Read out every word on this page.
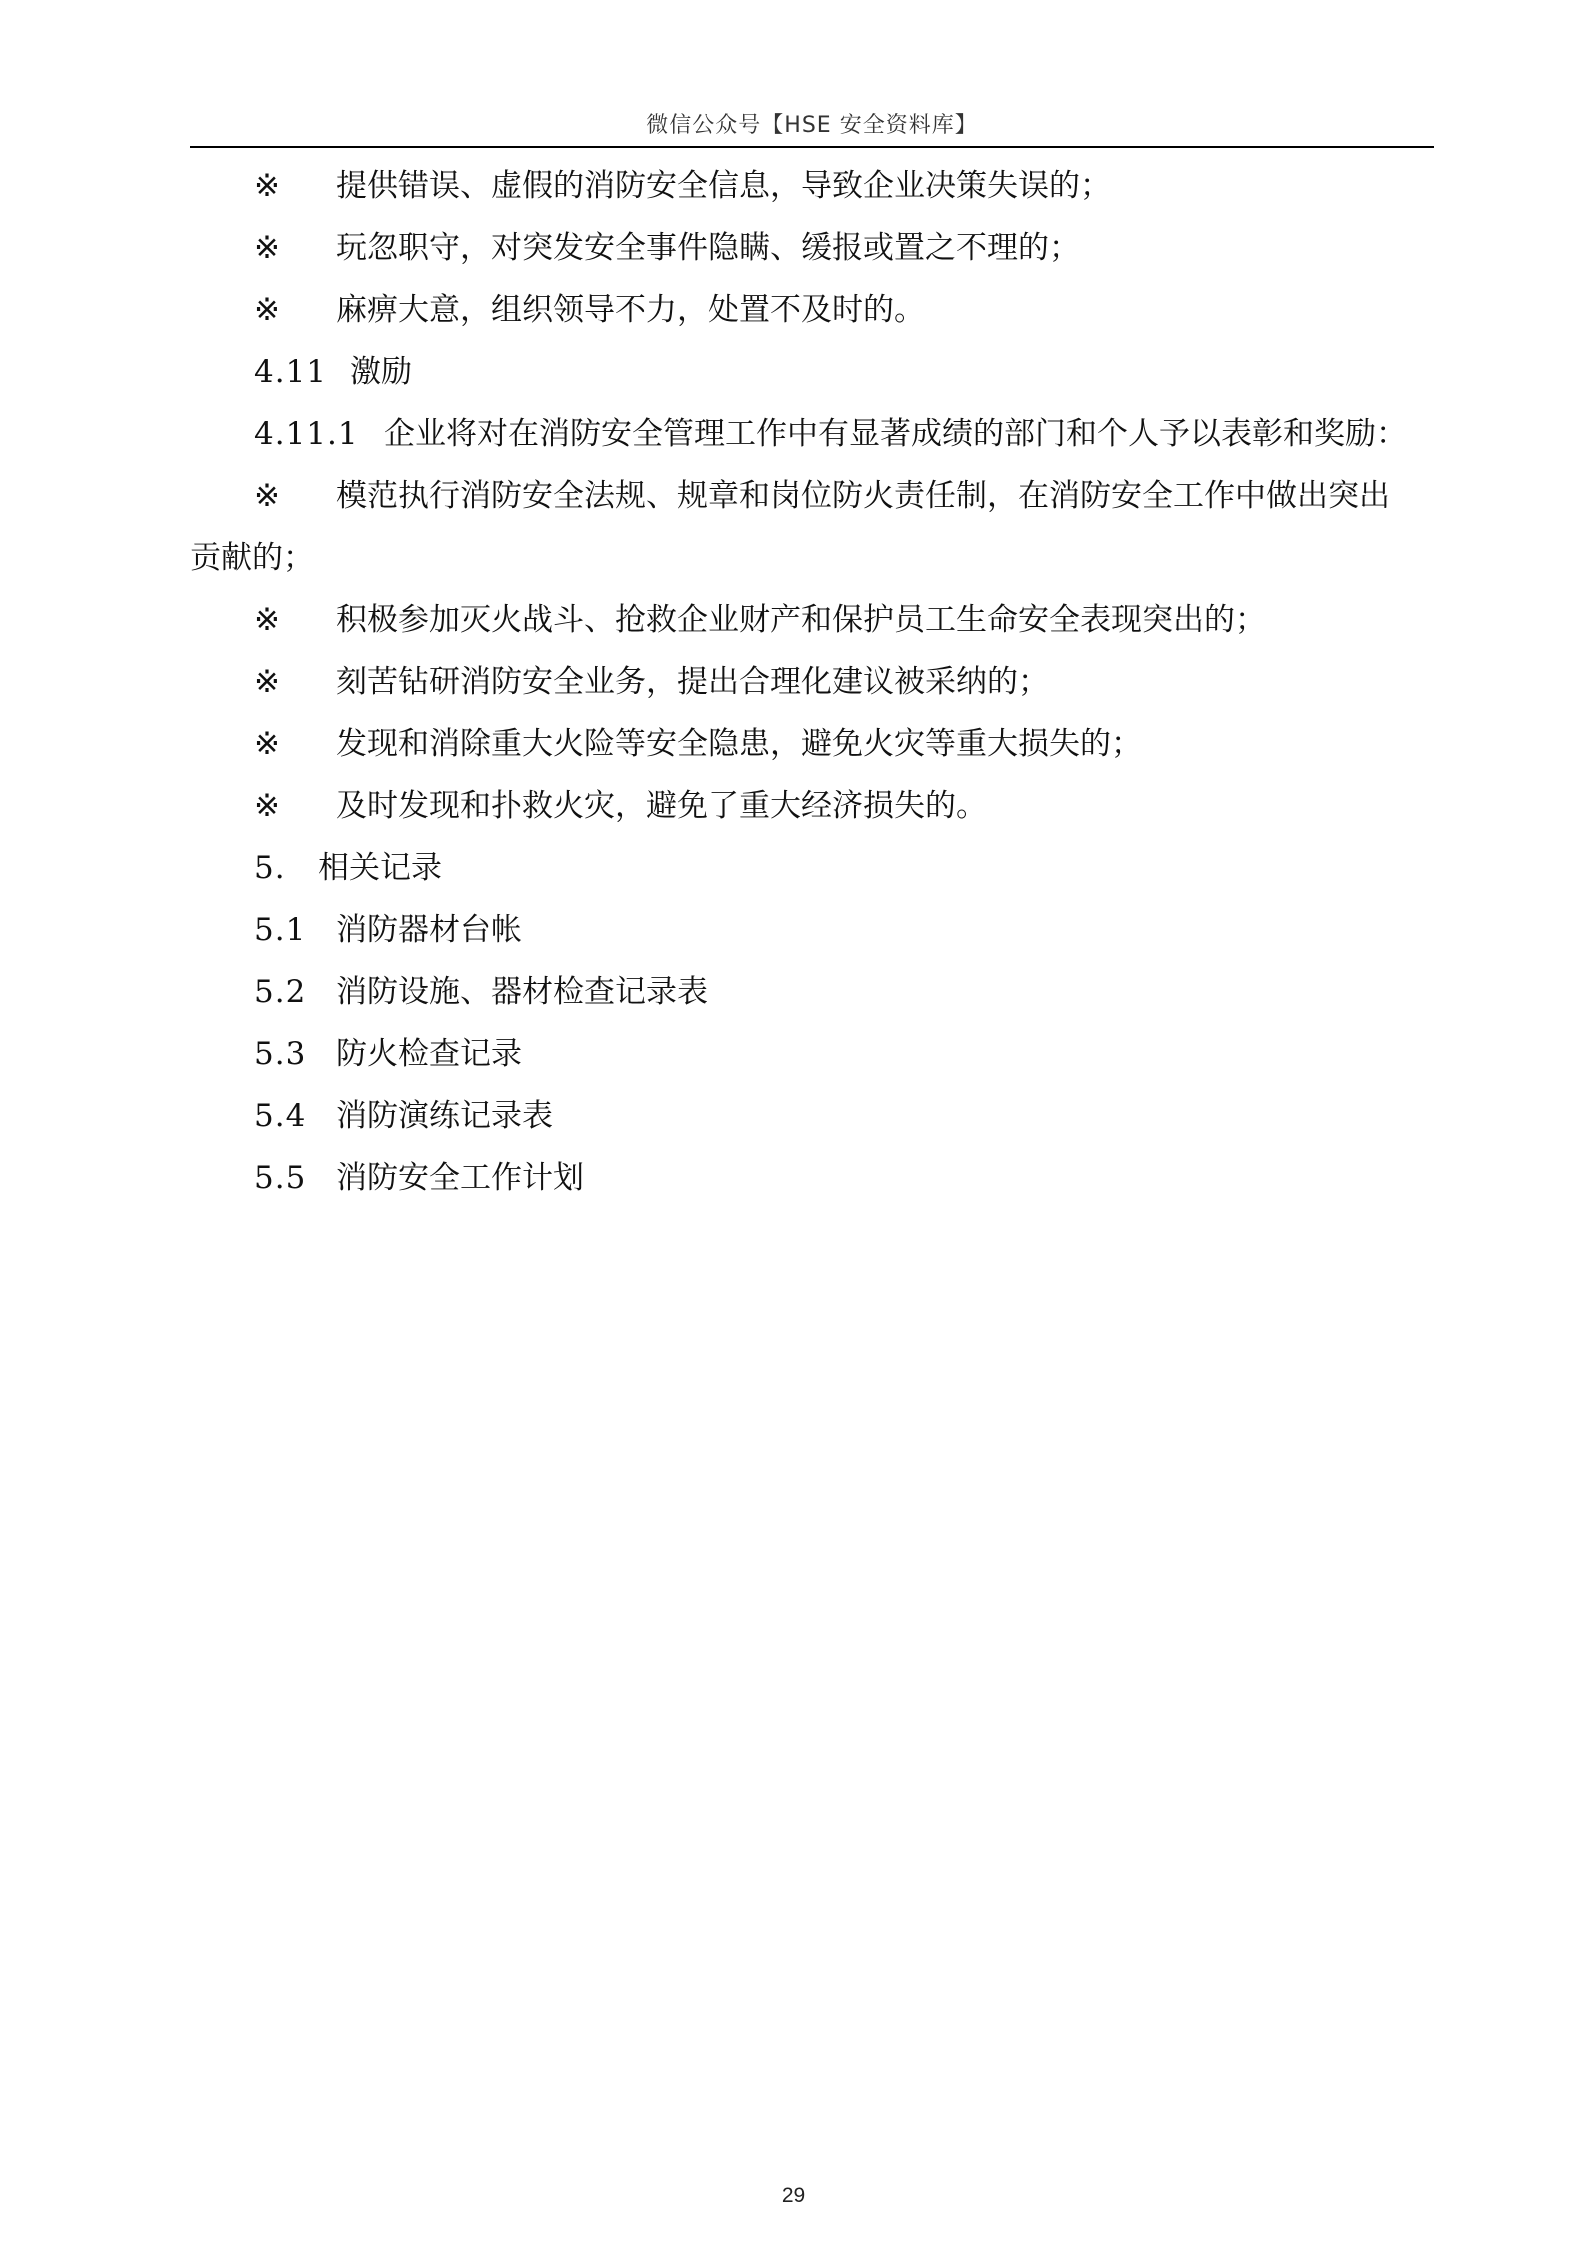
微信公众号【HSE 安全资料库】
※ 提供错误、虚假的消防安全信息，导致企业决策失误的；
※ 玩忽职守，对突发安全事件隐瞒、缓报或置之不理的；
※ 麻痹大意，组织领导不力，处置不及时的。
4.11 激励
4.11.1 企业将对在消防安全管理工作中有显著成绩的部门和个人予以表彰和奖励：
※ 模范执行消防安全法规、规章和岗位防火责任制，在消防安全工作中做出突出
贡献的；
※ 积极参加灭火战斗、抢救企业财产和保护员工生命安全表现突出的；
※ 刻苦钻研消防安全业务，提出合理化建议被采纳的；
※ 发现和消除重大火险等安全隐患，避免火灾等重大损失的；
※ 及时发现和扑救火灾，避免了重大经济损失的。
5. 相关记录
5.1 消防器材台帐
5.2 消防设施、器材检查记录表
5.3 防火检查记录
5.4 消防演练记录表
5.5 消防安全工作计划
29
